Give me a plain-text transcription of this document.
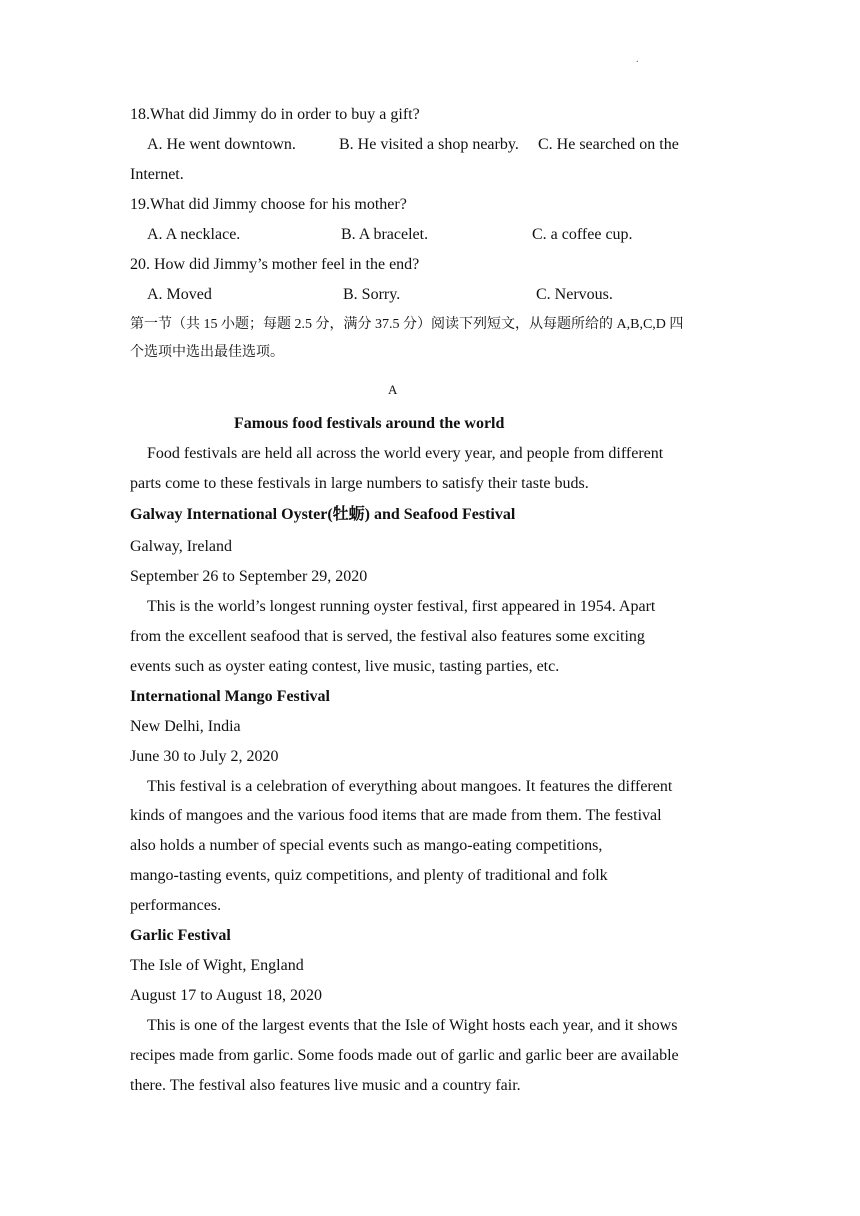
.
18.What did Jimmy do in order to buy a gift?
A. He went downtown.	B. He visited a shop nearby. C. He searched on the
Internet.
19.What did Jimmy choose for his mother?
A. A necklace.	B. A bracelet.	C. a coffee cup.
20. How did Jimmy’s mother feel in the end?
A. Moved	B. Sorry.	C. Nervous.
第一节（共 15 小题；每题 2.5 分，满分 37.5 分）阅读下列短文，从每题所给的 A,B,C,D 四
个选项中选出最佳选项。
A
Famous food festivals around the world
Food festivals are held all across the world every year, and people from different
parts come to these festivals in large numbers to satisfy their taste buds.
Galway International Oyster(牡蛎) and Seafood Festival
Galway, Ireland
September 26 to September 29, 2020
This is the world’s longest running oyster festival, first appeared in 1954. Apart
from the excellent seafood that is served, the festival also features some exciting
events such as oyster eating contest, live music, tasting parties, etc.
International Mango Festival
New Delhi, India
June 30 to July 2, 2020
This festival is a celebration of everything about mangoes. It features the different
kinds of mangoes and the various food items that are made from them. The festival
also holds a number of special events such as mango-eating competitions,
mango-tasting events, quiz competitions, and plenty of traditional and folk
performances.
Garlic Festival
The Isle of Wight, England
August 17 to August 18, 2020
This is one of the largest events that the Isle of Wight hosts each year, and it shows
recipes made from garlic. Some foods made out of garlic and garlic beer are available
there. The festival also features live music and a country fair.
